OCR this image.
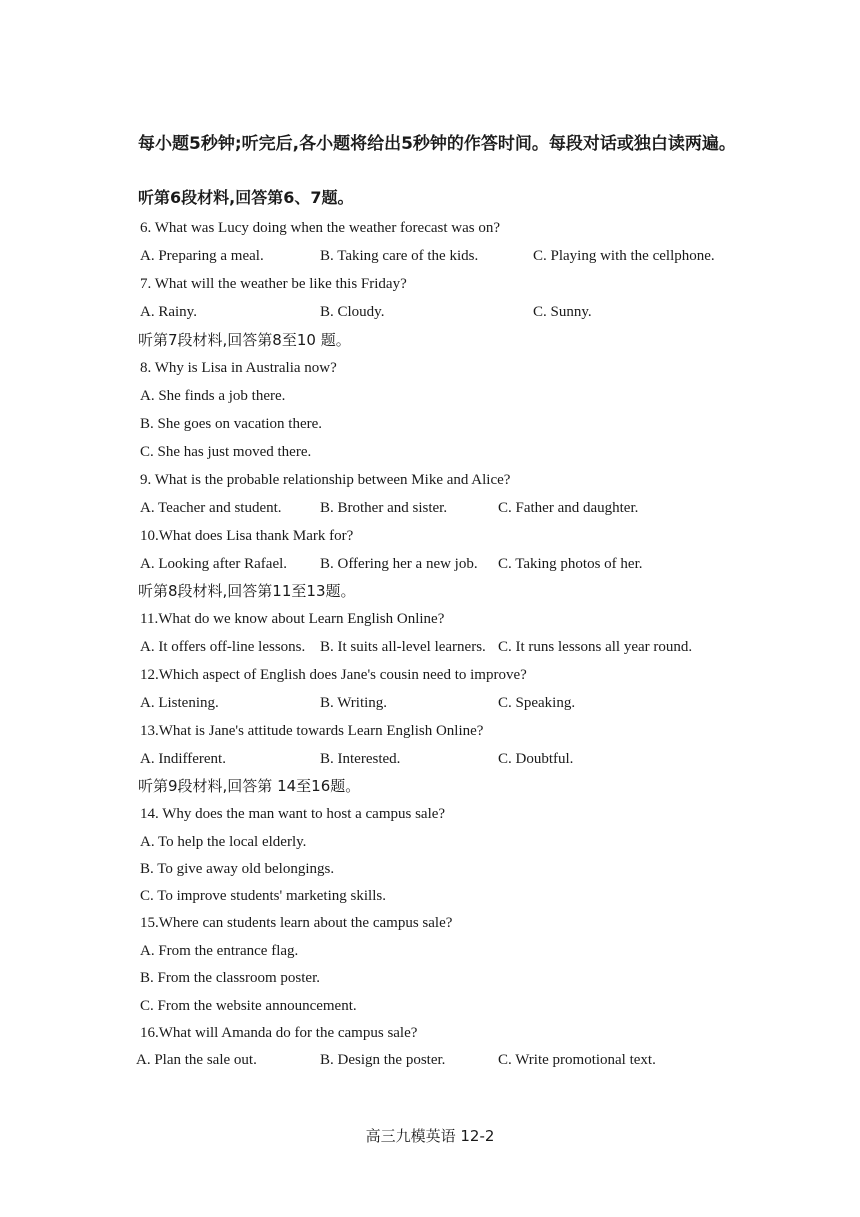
每小题5秒钟;听完后,各小题将给出5秒钟的作答时间。每段对话或独白读两遍。
听第6段材料,回答第6、7题。
6. What was Lucy doing when the weather forecast was on?
A. Preparing a meal.	B. Taking care of the kids.	C. Playing with the cellphone.
7. What will the weather be like this Friday?
A. Rainy.	B. Cloudy.	C. Sunny.
听第7段材料,回答第8至10 题。
8. Why is Lisa in Australia now?
A. She finds a job there.
B. She goes on vacation there.
C. She has just moved there.
9. What is the probable relationship between Mike and Alice?
A. Teacher and student.	B. Brother and sister.	C. Father and daughter.
10.What does Lisa thank Mark for?
A. Looking after Rafael. B. Offering her a new job. C. Taking photos of her.
听第8段材料,回答第11至13题。
11.What do we know about Learn English Online?
A. It offers off-line lessons. B. It suits all-level learners. C. It runs lessons all year round.
12.Which aspect of English does Jane's cousin need to improve?
A. Listening.	B. Writing.	C. Speaking.
13.What is Jane's attitude towards Learn English Online?
A. Indifferent.	B. Interested.	C. Doubtful.
听第9段材料,回答第 14至16题。
14. Why does the man want to host a campus sale?
A. To help the local elderly.
B. To give away old belongings.
C. To improve students' marketing skills.
15.Where can students learn about the campus sale?
A. From the entrance flag.
B. From the classroom poster.
C. From the website announcement.
16.What will Amanda do for the campus sale?
A. Plan the sale out.	B. Design the poster.	C. Write promotional text.
高三九模英语 12-2
